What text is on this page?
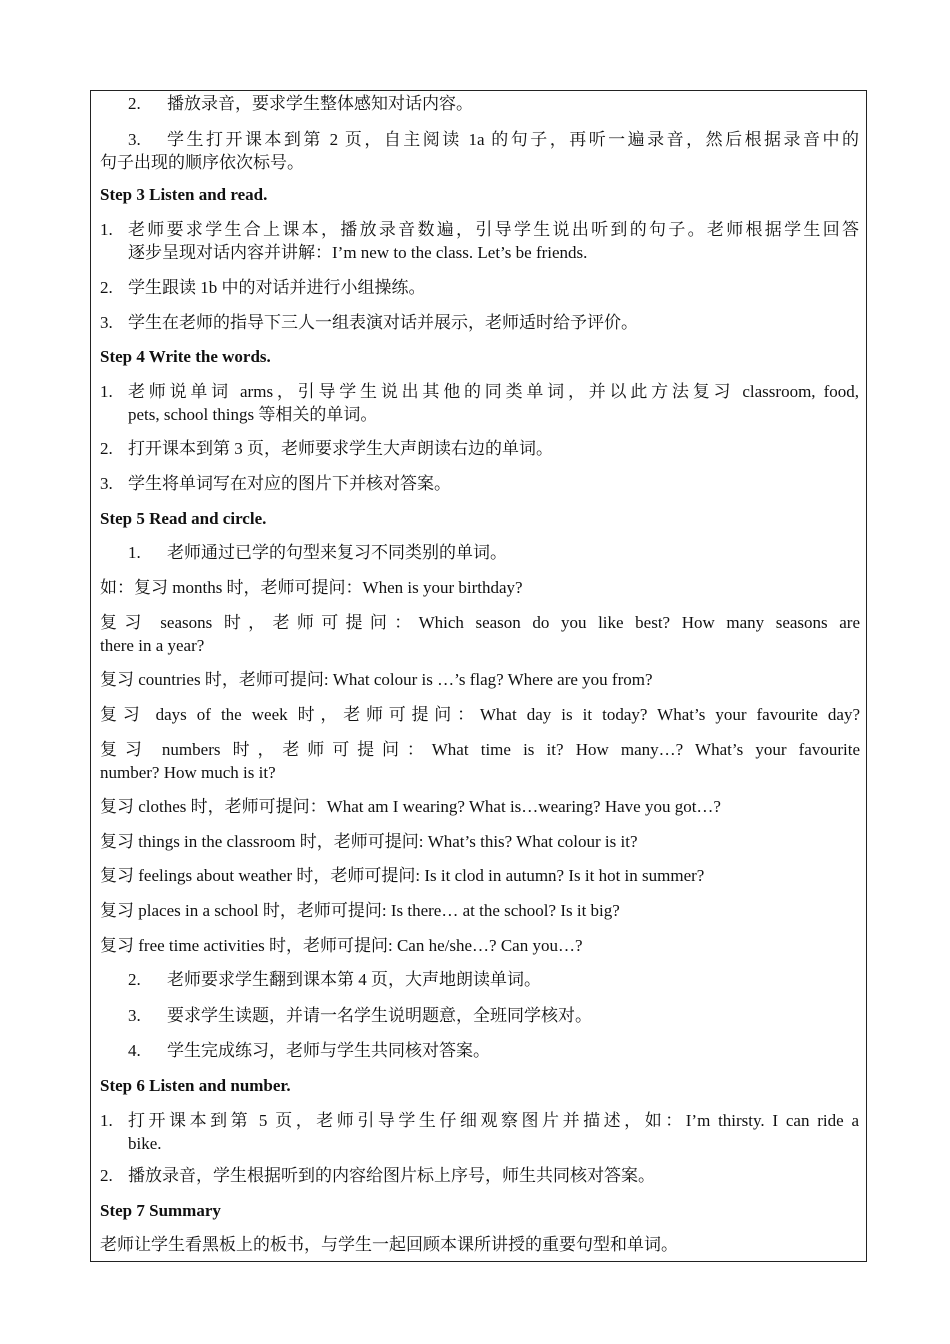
2.	播放录音，要求学生整体感知对话内容。
3.	学生打开课本到第 2 页，自主阅读 1a 的句子，再听一遍录音，然后根据录音中的
句子出现的顺序依次标号。
Step 3 Listen and read.
1. 老师要求学生合上课本，播放录音数遍，引导学生说出听到的句子。老师根据学生回答
逐步呈现对话内容并讲解：I’m new to the class. Let’s be friends.
2. 学生跟读 1b 中的对话并进行小组操练。
3. 学生在老师的指导下三人一组表演对话并展示，老师适时给予评价。
Step 4 Write the words.
1. 老师说单词 arms，引导学生说出其他的同类单词，并以此方法复习 classroom, food,
pets, school things 等相关的单词。
2. 打开课本到第 3 页，老师要求学生大声朗读右边的单词。
3. 学生将单词写在对应的图片下并核对答案。
Step 5 Read and circle.
1.	老师通过已学的句型来复习不同类别的单词。
如：复习 months 时，老师可提问：When is your birthday?
复习 seasons 时，老师可提问：Which season do you like best? How many seasons are
there in a year?
复习 countries 时，老师可提问: What colour is …’s flag? Where are you from?
复习 days of the week 时，老师可提问：What day is it today? What’s your favourite day?
复习 numbers 时，老师可提问：What time is it? How many…? What’s your favourite
number? How much is it?
复习 clothes 时，老师可提问：What am I wearing? What is…wearing? Have you got…?
复习 things in the classroom 时，老师可提问: What’s this? What colour is it?
复习 feelings about weather 时，老师可提问: Is it clod in autumn? Is it hot in summer?
复习 places in a school 时，老师可提问: Is there… at the school? Is it big?
复习 free time activities 时，老师可提问: Can he/she…? Can you…?
2.	老师要求学生翻到课本第 4 页，大声地朗读单词。
3.	要求学生读题，并请一名学生说明题意，全班同学核对。
4.	学生完成练习，老师与学生共同核对答案。
Step 6 Listen and number.
1. 打开课本到第 5 页，老师引导学生仔细观察图片并描述，如：I’m thirsty. I can ride a
bike.
2. 播放录音，学生根据听到的内容给图片标上序号，师生共同核对答案。
Step 7 Summary
老师让学生看黑板上的板书，与学生一起回顾本课所讲授的重要句型和单词。
